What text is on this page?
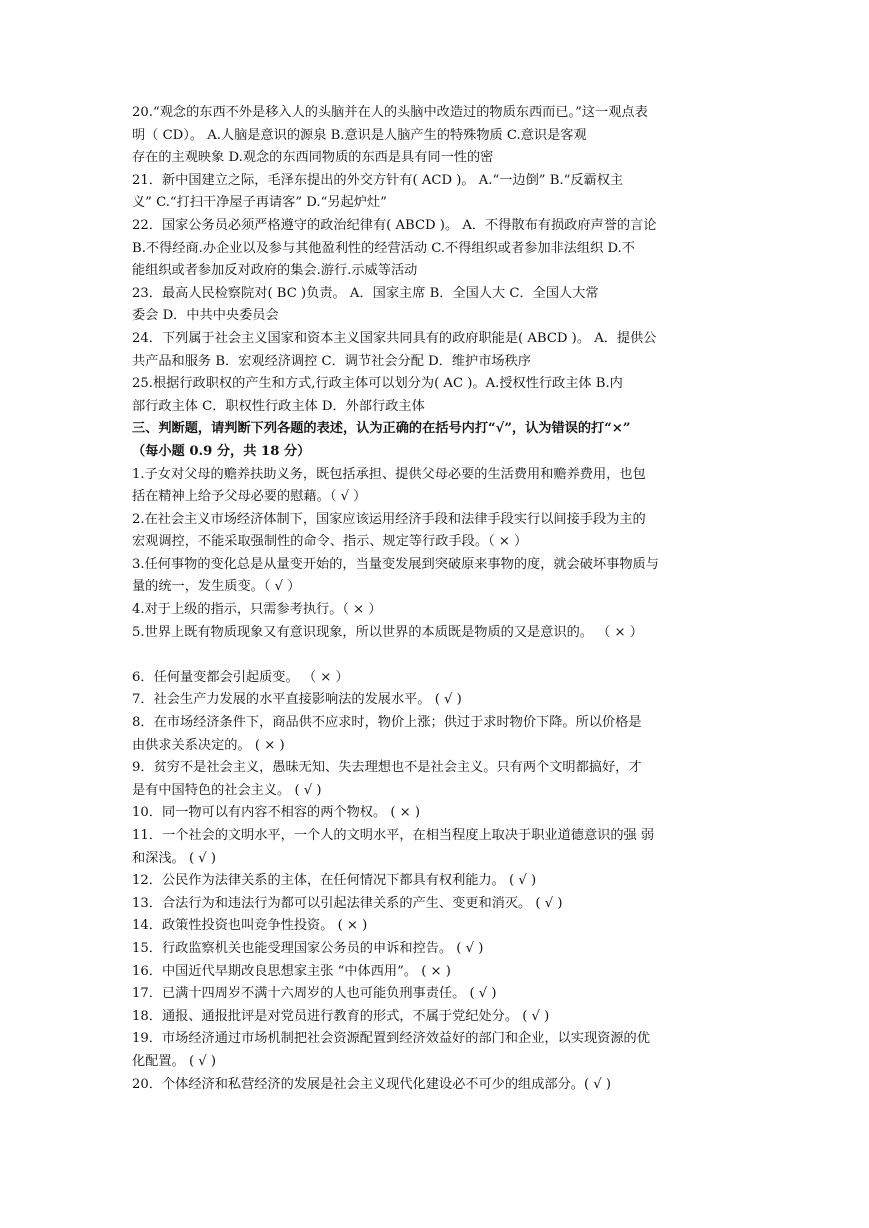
20.“观念的东西不外是移入人的头脑并在人的头脑中改造过的物质东西而已。”这一观点表
明（ CD）。 A.人脑是意识的源泉 B.意识是人脑产生的特殊物质 C.意识是客观
存在的主观映象 D.观念的东西同物质的东西是具有同一性的密
21．新中国建立之际，毛泽东提出的外交方针有( ACD )。 A.“一边倒” B.“反霸权主
义” C.“打扫干净屋子再请客” D.“另起炉灶”
22．国家公务员必须严格遵守的政治纪律有( ABCD )。 A．不得散布有损政府声誉的言论
B.不得经商.办企业以及参与其他盈利性的经营活动 C.不得组织或者参加非法组织 D.不
能组织或者参加反对政府的集会.游行.示威等活动
23．最高人民检察院对( BC )负责。 A．国家主席 B．全国人大 C．全国人大常
委会 D．中共中央委员会
24．下列属于社会主义国家和资本主义国家共同具有的政府职能是( ABCD )。 A．提供公
共产品和服务 B．宏观经济调控 C．调节社会分配 D．维护市场秩序
25.根据行政职权的产生和方式,行政主体可以划分为( AC )。A.授权性行政主体 B.内
部行政主体 C．职权性行政主体 D．外部行政主体
三、判断题，请判断下列各题的表述，认为正确的在括号内打“√”，认为错误的打“×”
（每小题 0.9 分，共 18 分）
1.子女对父母的赡养扶助义务，既包括承担、提供父母必要的生活费用和赡养费用，也包
括在精神上给予父母必要的慰藉。（ √ ）
2.在社会主义市场经济体制下，国家应该运用经济手段和法律手段实行以间接手段为主的
宏观调控，不能采取强制性的命令、指示、规定等行政手段。（ × ）
3.任何事物的变化总是从量变开始的，当量变发展到突破原来事物的度，就会破坏事物质与
量的统一，发生质变。（ √ ）
4.对于上级的指示，只需参考执行。（ × ）
5.世界上既有物质现象又有意识现象，所以世界的本质既是物质的又是意识的。 （ × ）
6．任何量变都会引起质变。 （ × ）
7．社会生产力发展的水平直接影响法的发展水平。 ( √ )
8．在市场经济条件下，商品供不应求时，物价上涨；供过于求时物价下降。所以价格是
由供求关系决定的。 ( × )
9．贫穷不是社会主义，愚昧无知、失去理想也不是社会主义。只有两个文明都搞好，才
是有中国特色的社会主义。 ( √ )
10．同一物可以有内容不相容的两个物权。 ( × )
11．一个社会的文明水平，一个人的文明水平，在相当程度上取决于职业道德意识的强 弱
和深浅。 ( √ )
12．公民作为法律关系的主体，在任何情况下都具有权利能力。 ( √ )
13．合法行为和违法行为都可以引起法律关系的产生、变更和消灭。 ( √ )
14．政策性投资也叫竞争性投资。 ( × )
15．行政监察机关也能受理国家公务员的申诉和控告。 ( √ )
16．中国近代早期改良思想家主张 “中体西用”。 ( × )
17．已满十四周岁不满十六周岁的人也可能负刑事责任。 ( √ )
18．通报、通报批评是对党员进行教育的形式，不属于党纪处分。 ( √ )
19．市场经济通过市场机制把社会资源配置到经济效益好的部门和企业，以实现资源的优
化配置。 ( √ )
20．个体经济和私营经济的发展是社会主义现代化建设必不可少的组成部分。( √ )
